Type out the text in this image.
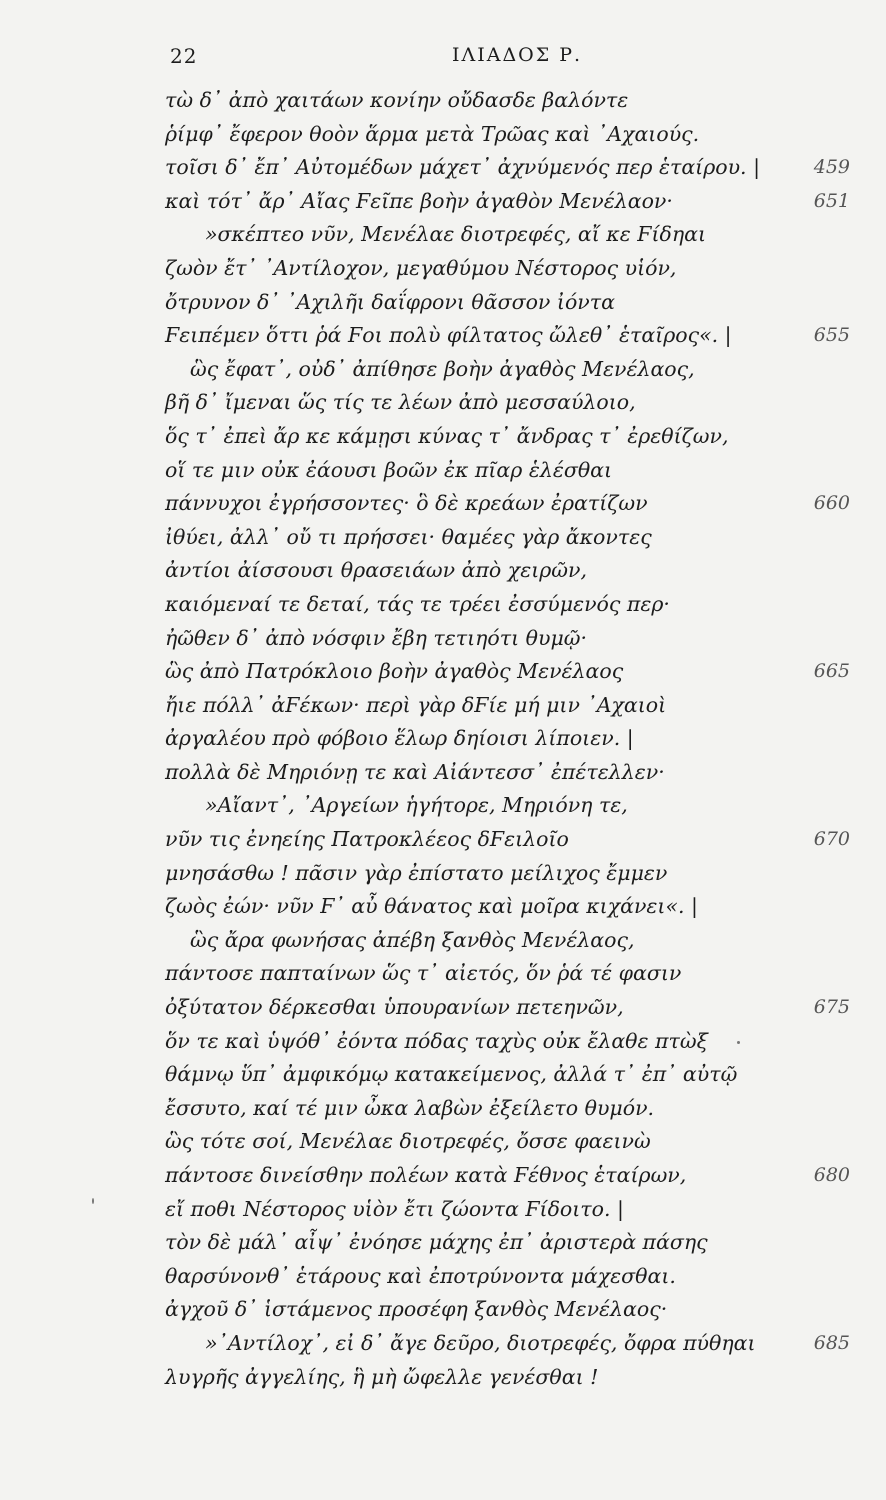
22	ΙΛΙΑΔΟΣ Ρ.
τὼ δ᾽ ἀπὸ χαιτάων κονίην οὔδασδε βαλόντε
ῥίμφ᾽ ἔφερον θοὸν ἅρμα μετὰ Τρῶας καὶ ᾿Αχαιούς.
τοῖσι δ᾽ ἔπ᾽ Αὐτομέδων μάχετ᾽ ἀχνύμενός περ ἑταίρου. |	459
καὶ τότ᾽ ἄρ᾽ Αἴας Ϝεῖπε βοὴν ἀγαθὸν Μενέλαον·	651
»σκέπτεο νῦν, Μενέλαε διοτρεφές, αἴ κε Ϝίδηαι
ζωὸν ἔτ᾽ ᾿Αντίλοχον, μεγαθύμου Νέστορος υἱόν,
ὄτρυνον δ᾽ ᾿Αχιλῆι δαΐφρονι θᾶσσον ἰόντα
Ϝειπέμεν ὅττι ῥά Ϝοι πολὺ φίλτατος ὤλεθ᾽ ἑταῖρος«. |	655
ὣς ἔφατ᾽, οὐδ᾽ ἀπίθησε βοὴν ἀγαθὸς Μενέλαος,
βῆ δ᾽ ἴμεναι ὥς τίς τε λέων ἀπὸ μεσσαύλοιο,
ὅς τ᾽ ἐπεὶ ἄρ κε κάμῃσι κύνας τ᾽ ἄνδρας τ᾽ ἐρεθίζων,
οἵ τε μιν οὐκ ἐάουσι βοῶν ἐκ πῖαρ ἑλέσθαι
πάννυχοι ἐγρήσσοντες· ὃ δὲ κρεάων ἐρατίζων	660
ἰθύει, ἀλλ᾽ οὔ τι πρήσσει· θαμέες γὰρ ἄκοντες
ἀντίοι ἀίσσουσι θρασειάων ἀπὸ χειρῶν,
καιόμεναί τε δεταί, τάς τε τρέει ἐσσύμενός περ·
ἠῶθεν δ᾽ ἀπὸ νόσφιν ἔβη τετιηότι θυμῷ·
ὣς ἀπὸ Πατρόκλοιο βοὴν ἀγαθὸς Μενέλαος	665
ἤιε πόλλ᾽ ἀϜέκων· περὶ γὰρ δϜίε μή μιν ᾿Αχαιοὶ
ἀργαλέου πρὸ φόβοιο ἕλωρ δηίοισι λίποιεν. |
πολλὰ δὲ Μηριόνῃ τε καὶ Αἰάντεσσ᾽ ἐπέτελλεν·
»Αἴαντ᾽, ᾿Αργείων ἡγήτορε, Μηριόνη τε,
νῦν τις ἐνηείης Πατροκλέεος δϜειλοῖο	670
μνησάσθω ! πᾶσιν γὰρ ἐπίστατο μείλιχος ἔμμεν
ζωὸς ἐών· νῦν Ϝ᾽ αὖ θάνατος καὶ μοῖρα κιχάνει«. |
ὣς ἄρα φωνήσας ἀπέβη ξανθὸς Μενέλαος,
πάντοσε παπταίνων ὥς τ᾽ αἰετός, ὅν ῥά τέ φασιν
ὀξύτατον δέρκεσθαι ὑπουρανίων πετεηνῶν,	675
ὅν τε καὶ ὑψόθ᾽ ἐόντα πόδας ταχὺς οὐκ ἔλαθε πτὼξ
θάμνῳ ὕπ᾽ ἀμφικόμῳ κατακείμενος, ἀλλά τ᾽ ἐπ᾽ αὐτῷ
ἔσσυτο, καί τέ μιν ὦκα λαβὼν ἐξείλετο θυμόν.
ὣς τότε σοί, Μενέλαε διοτρεφές, ὄσσε φαεινὼ
πάντοσε δινείσθην πολέων κατὰ Ϝέθνος ἑταίρων,	680
εἴ ποθι Νέστορος υἱὸν ἔτι ζώοντα Ϝίδοιτο. |
τὸν δὲ μάλ᾽ αἶψ᾽ ἐνόησε μάχης ἐπ᾽ ἀριστερὰ πάσης
θαρσύνονθ᾽ ἑτάρους καὶ ἐποτρύνοντα μάχεσθαι.
ἀγχοῦ δ᾽ ἱστάμενος προσέφη ξανθὸς Μενέλαος·
»᾿Αντίλοχ᾽, εἰ δ᾽ ἄγε δεῦρο, διοτρεφές, ὄφρα πύθηαι	685
λυγρῆς ἀγγελίης, ἣ μὴ ὤφελλε γενέσθαι !
